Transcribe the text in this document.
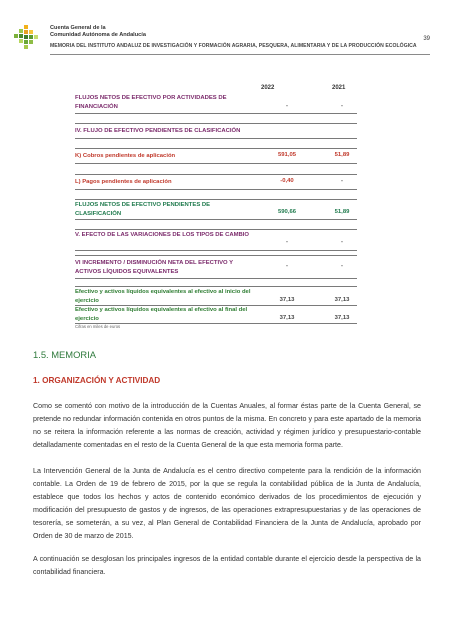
Cuenta General de la
Comunidad Autónoma de Andalucía
39
MEMORIA DEL INSTITUTO ANDALUZ DE INVESTIGACIÓN Y FORMACIÓN AGRARIA, PESQUERA, ALIMENTARIA Y DE LA PRODUCCIÓN ECOLÓGICA
2022	2021
FLUJOS NETOS DE EFECTIVO POR ACTIVIDADES DE FINANCIACIÓN	-	-
IV. FLUJO DE EFECTIVO PENDIENTES DE CLASIFICACIÓN
K) Cobros pendientes de aplicación	591,05	51,89
L) Pagos pendientes de aplicación	-0,40	-
FLUJOS NETOS DE EFECTIVO PENDIENTES DE CLASIFICACIÓN	590,66	51,89
V. EFECTO DE LAS VARIACIONES DE LOS TIPOS DE CAMBIO
-	-
VI INCREMENTO / DISMINUCIÓN NETA DEL EFECTIVO Y ACTIVOS LÍQUIDOS EQUIVALENTES
-	-
Efectivo y activos líquidos equivalentes al efectivo al inicio del ejercicio	37,13	37,13
Efectivo y activos líquidos equivalentes al efectivo al final del ejercicio	37,13	37,13
Cifras en miles de euros
1.5. MEMORIA
1. ORGANIZACIÓN Y ACTIVIDAD
Como se comentó con motivo de la introducción de la Cuentas Anuales, al formar éstas parte de la Cuenta General, se pretende no redundar información contenida en otros puntos de la misma. En concreto y para este apartado de la memoria no se reitera la información referente a las normas de creación, actividad y régimen jurídico y presupuestario-contable detalladamente comentadas en el resto de la Cuenta General de la que esta memoria forma parte.
La Intervención General de la Junta de Andalucía es el centro directivo competente para la rendición de la información contable. La Orden de 19 de febrero de 2015, por la que se regula la contabilidad pública de la Junta de Andalucía, establece que todos los hechos y actos de contenido económico derivados de los procedimientos de ejecución y modificación del presupuesto de gastos y de ingresos, de las operaciones extrapresupuestarias y de las operaciones de tesorería, se someterán, a su vez, al Plan General de Contabilidad Financiera de la Junta de Andalucía, aprobado por Orden de 30 de marzo de 2015.
A continuación se desglosan los principales ingresos de la entidad contable durante el ejercicio desde la perspectiva de la contabilidad financiera.
